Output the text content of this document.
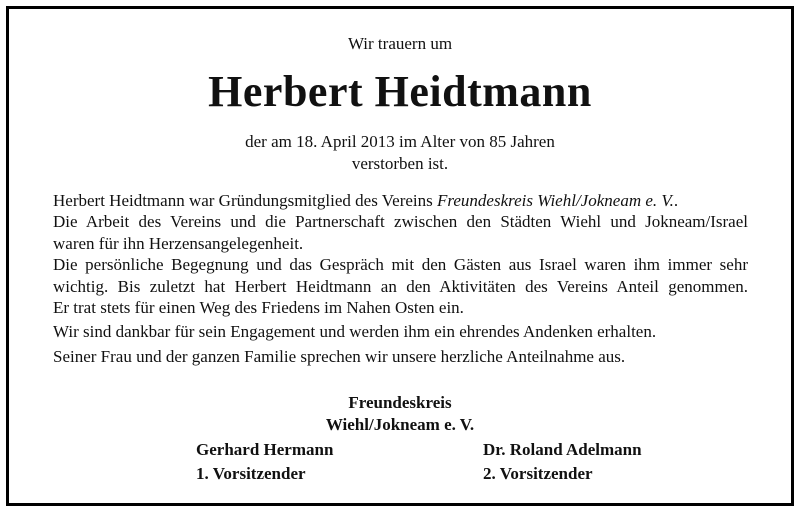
Wir trauern um
Herbert Heidtmann
der am 18. April 2013 im Alter von 85 Jahren
verstorben ist.
Herbert Heidtmann war Gründungsmitglied des Vereins Freundeskreis Wiehl/Jokneam e. V..
Die Arbeit des Vereins und die Partnerschaft zwischen den Städten Wiehl und Jokneam/Israel
waren für ihn Herzensangelegenheit.
Die persönliche Begegnung und das Gespräch mit den Gästen aus Israel waren ihm immer sehr
wichtig. Bis zuletzt hat Herbert Heidtmann an den Aktivitäten des Vereins Anteil genommen.
Er trat stets für einen Weg des Friedens im Nahen Osten ein.
Wir sind dankbar für sein Engagement und werden ihm ein ehrendes Andenken erhalten.
Seiner Frau und der ganzen Familie sprechen wir unsere herzliche Anteilnahme aus.
Freundeskreis
Wiehl/Jokneam e. V.
Gerhard Hermann
1. Vorsitzender
Dr. Roland Adelmann
2. Vorsitzender
